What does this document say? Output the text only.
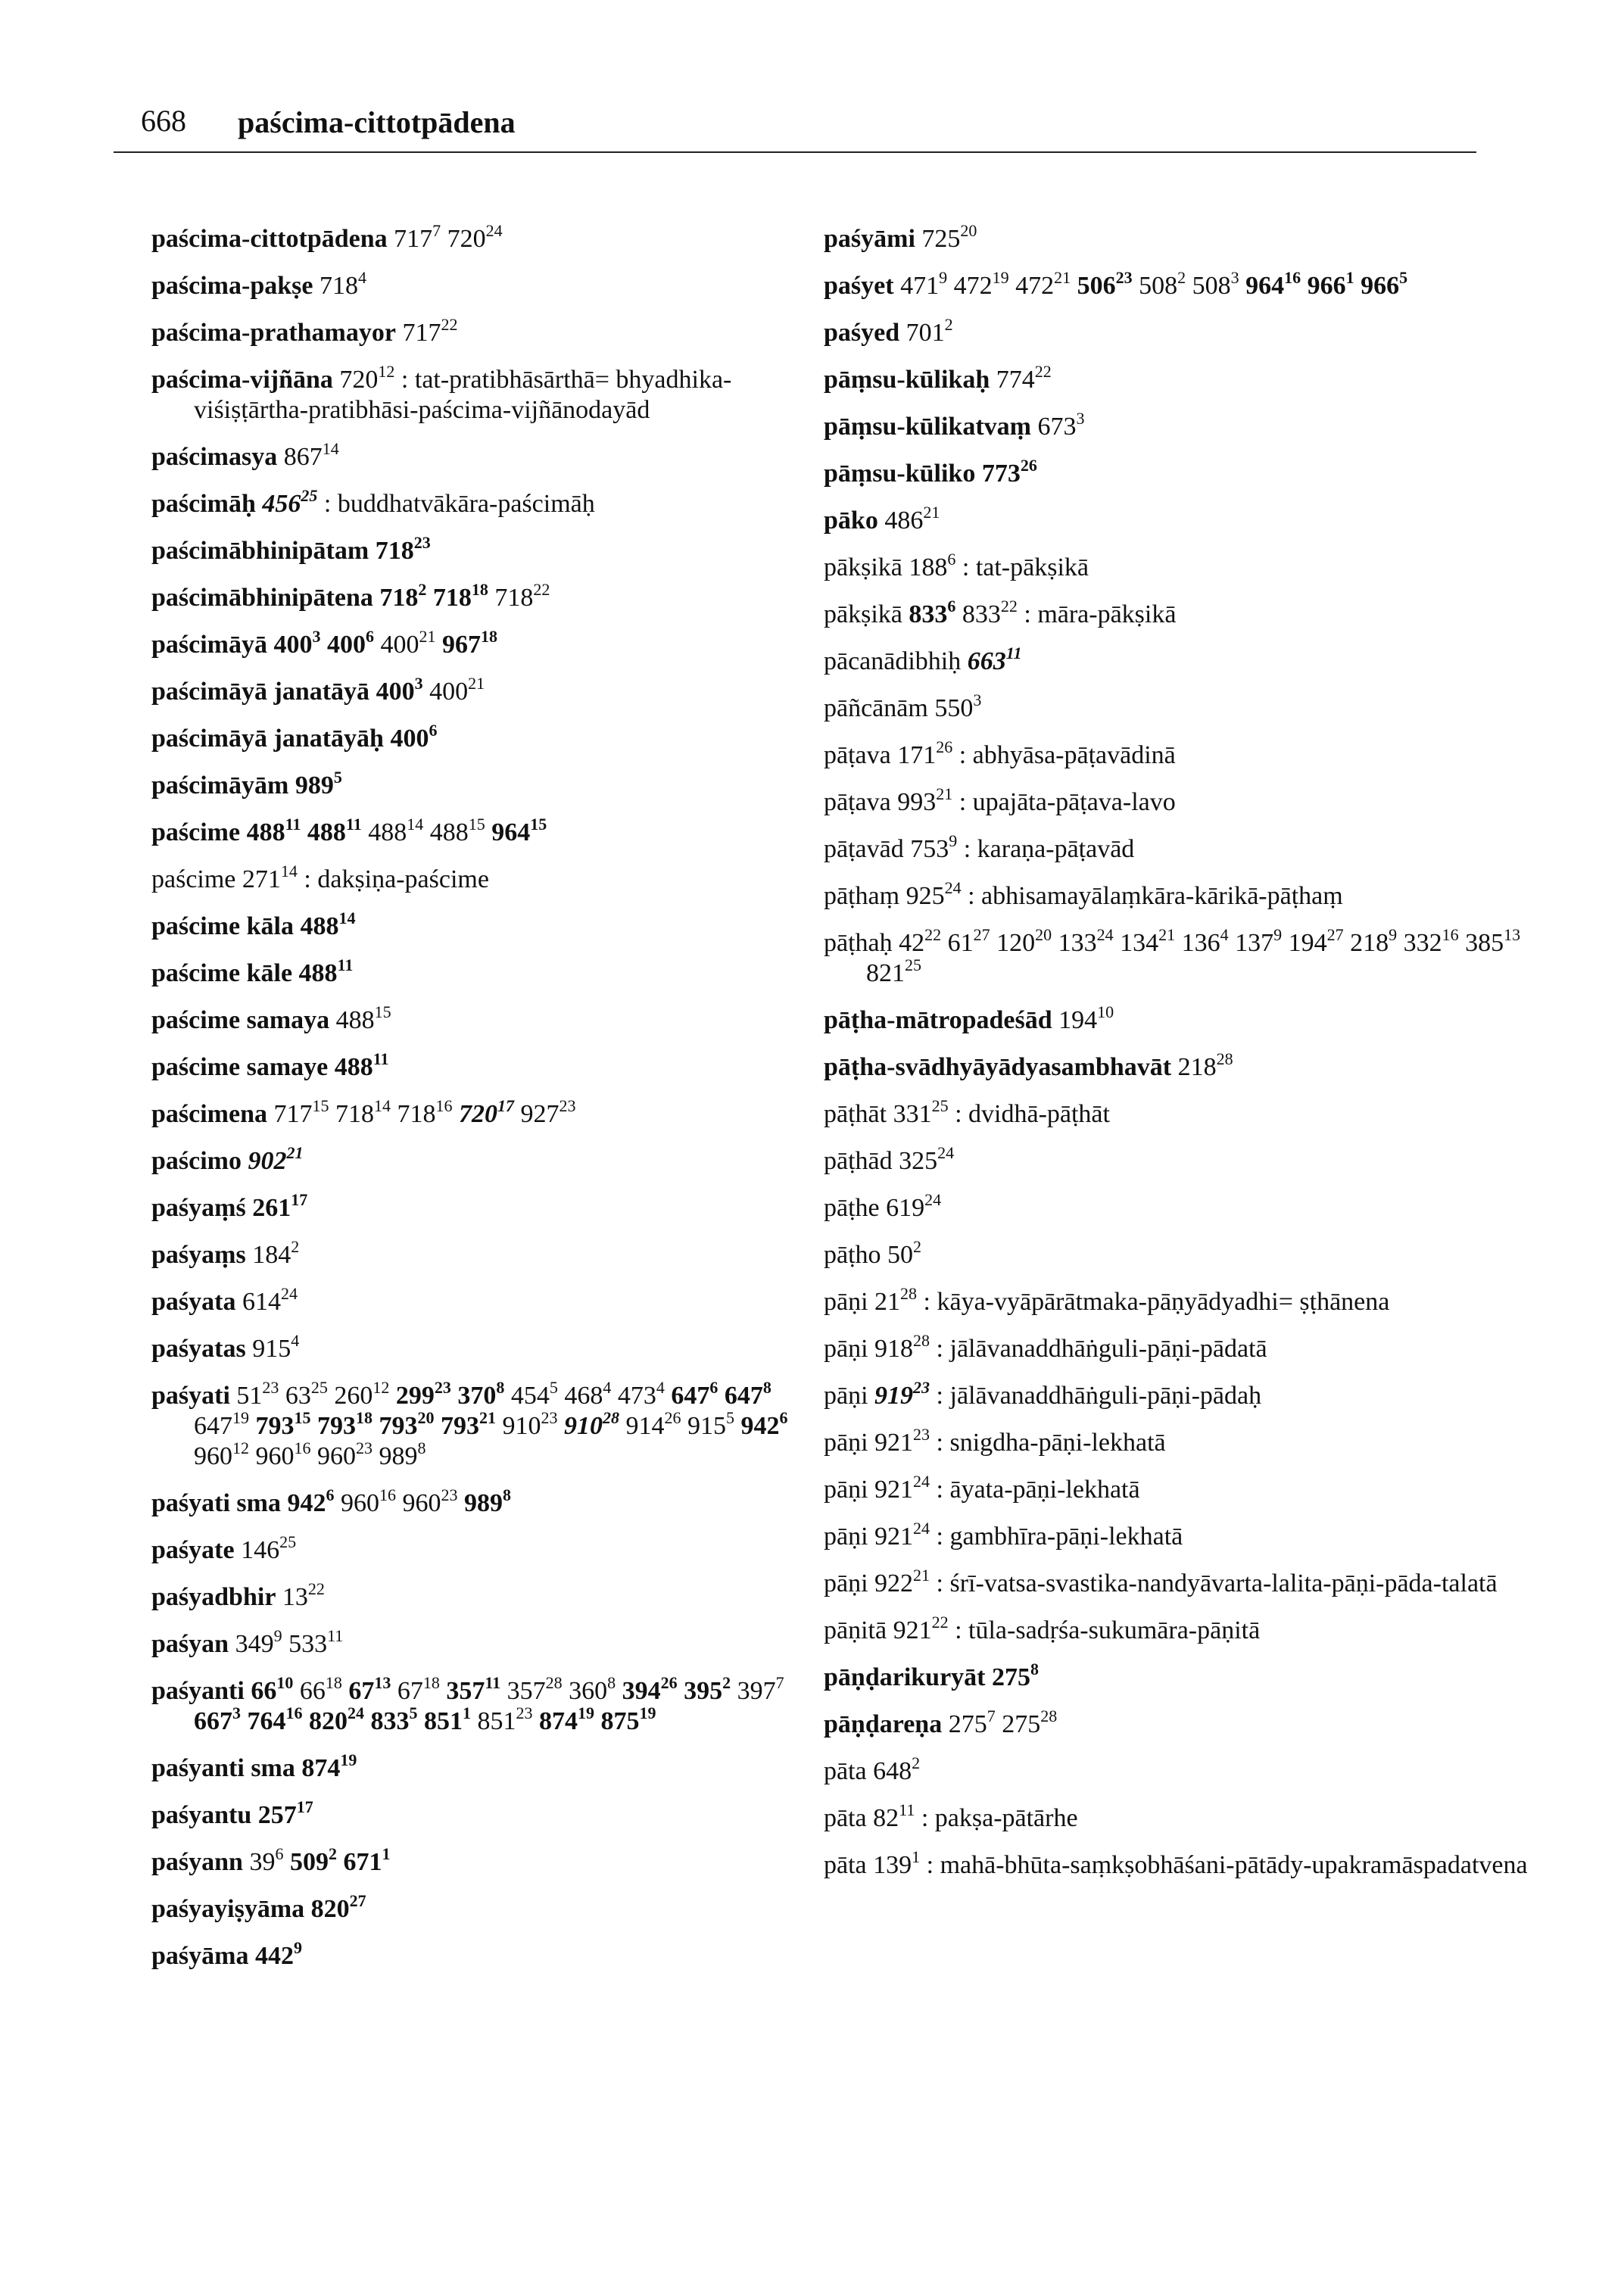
668 paścima-cittotpādena
paścima-cittotpādena $717^7$ $720^{24}$
paścima-pakṣe $718^4$
paścima-prathamayor $717^{22}$
paścima-vijñāna $720^{12}$ : tat-pratibhāsārthā= bhyadhika-viśiṣṭārtha-pratibhāsi-paścima-vijñānodayād
paścimasya $867^{14}$
paścimāḥ $456^{25}$ : buddhatvākāra-paścimāḥ
paścimābhinipātam $718^{23}$
paścimābhinipātena $718^2$ $718^{18}$ $718^{22}$
paścimāyā $400^3$ $400^6$ $400^{21}$ $967^{18}$
paścimāyā janatāyā $400^3$ $400^{21}$
paścimāyā janatāyāḥ $400^6$
paścimāyām $989^5$
paścime $488^{11}$ $488^{11}$ $488^{14}$ $488^{15}$ $964^{15}$
paścime $271^{14}$ : dakṣiṇa-paścime
paścime kāla $488^{14}$
paścime kāle $488^{11}$
paścime samaya $488^{15}$
paścime samaye $488^{11}$
paścimena $717^{15}$ $718^{14}$ $718^{16}$ $720^{17}$ $927^{23}$
paścimo $902^{21}$
paśyaṃś $261^{17}$
paśyaṃs $184^2$
paśyata $614^{24}$
paśyatas $915^4$
paśyati $51^{23}$ $63^{25}$ $260^{12}$ $299^{23}$ $370^8$ $454^5$ $468^4$ $473^4$ $647^6$ $647^8$ $647^{19}$ $793^{15}$ $793^{18}$ $793^{20}$ $793^{21}$ $910^{23}$ $910^{28}$ $914^{26}$ $915^5$ $942^6$ $960^{12}$ $960^{16}$ $960^{23}$ $989^8$
paśyati sma $942^6$ $960^{16}$ $960^{23}$ $989^8$
paśyate $146^{25}$
paśyadbhir $13^{22}$
paśyan $349^9$ $533^{11}$
paśyanti $66^{10}$ $66^{18}$ $67^{13}$ $67^{18}$ $357^{11}$ $357^{28}$ $360^8$ $394^{26}$ $395^2$ $397^7$ $667^3$ $764^{16}$ $820^{24}$ $833^5$ $851^1$ $851^{23}$ $874^{19}$ $875^{19}$
paśyanti sma $874^{19}$
paśyantu $257^{17}$
paśyann $39^6$ $509^2$ $671^1$
paśyayiṣyāma $820^{27}$
paśyāma $442^9$
paśyāmi $725^{20}$
paśyet $471^9$ $472^{19}$ $472^{21}$ $506^{23}$ $508^2$ $508^3$ $964^{16}$ $966^1$ $966^5$
paśyed $701^2$
pāṃsu-kūlikaḥ $774^{22}$
pāṃsu-kūlikatvaṃ $673^3$
pāṃsu-kūliko $773^{26}$
pāko $486^{21}$
pākṣikā $188^6$ : tat-pākṣikā
pākṣikā $833^6$ $833^{22}$ : māra-pākṣikā
pācanādibhiḥ $663^{11}$
pāñcānām $550^3$
pāṭava $171^{26}$ : abhyāsa-pāṭavādinā
pāṭava $993^{21}$ : upajāta-pāṭava-lavo
pāṭavād $753^9$ : karaṇa-pāṭavād
pāṭhaṃ $925^{24}$ : abhisamayālaṃkāra-kārikā-pāṭhaṃ
pāṭhaḥ $42^{22}$ $61^{27}$ $120^{20}$ $133^{24}$ $134^{21}$ $136^4$ $137^9$ $194^{27}$ $218^9$ $332^{16}$ $385^{13}$ $821^{25}$
pāṭha-mātropadeśād $194^{10}$
pāṭha-svādhyāyādyasambhavāt $218^{28}$
pāṭhāt $331^{25}$ : dvidhā-pāṭhāt
pāṭhād $325^{24}$
pāṭhe $619^{24}$
pāṭho $50^2$
pāṇi $21^{28}$ : kāya-vyāpārātmaka-pāṇyādyadhi= ṣṭhānena
pāṇi $918^{28}$ : jālāvanaddhāṅguli-pāṇi-pādatā
pāṇi $919^{23}$ : jālāvanaddhāṅguli-pāṇi-pādaḥ
pāṇi $921^{23}$ : snigdha-pāṇi-lekhatā
pāṇi $921^{24}$ : āyata-pāṇi-lekhatā
pāṇi $921^{24}$ : gambhīra-pāṇi-lekhatā
pāṇi $922^{21}$ : śrī-vatsa-svastika-nandyāvarta-lalita-pāṇi-pāda-talatā
pāṇitā $921^{22}$ : tūla-sadṛśa-sukumāra-pāṇitā
pāṇḍarikuryāt $275^8$
pāṇḍareṇa $275^7$ $275^{28}$
pāta $648^2$
pāta $82^{11}$ : pakṣa-pātārhe
pāta $139^1$ : mahā-bhūta-saṃkṣobhāśani-pātādy-upakramāspadatvena
